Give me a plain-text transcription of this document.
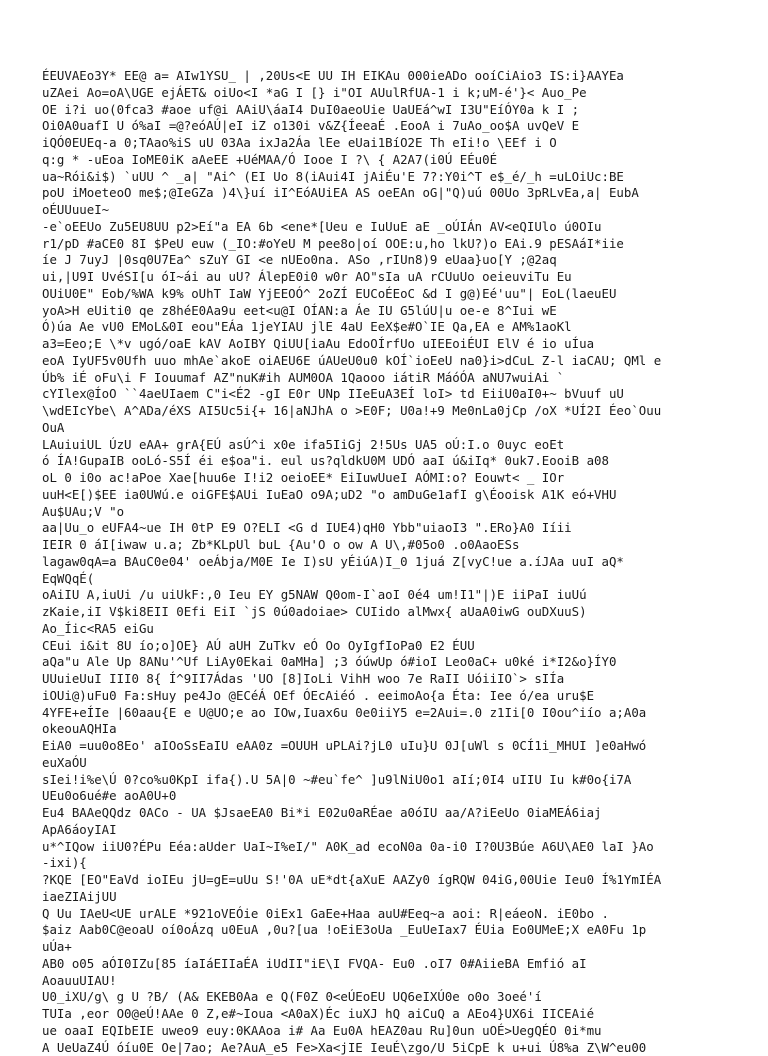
ÉEUVAEo3Y* EE@ a= AIw1YSU_ | ,20Us<E UU IH EIKAu 000ieADo ooíCiAio3 IS:i}AAYEa
uZAei Ao=oA\UGE ejÁET& oiUo<I *aG I [} i"OI AUulRfUA-1 i k;uM-é'}< Auo_Pe
OE i?i uo(0fca3 #aoe uf@i AAiU\áaI4 DuI0aeoUie UaUEá^wI I3U"EíÓY0a k I ;
Oi0A0uafI U ó%aI =@?eóAÚ|eI iZ o130i v&Z{ÍeeaÉ .EooA i 7uAo_oo$A uvQeV E
iQÓ0EUEq-a 0;TAao%iS uU 03Aa ixJa2Áa lEe eUai1BíO2E Th eIi!o \EEf i O
q:g * -uEoa IoME0iK aAeEE +UéMAA/Ó Iooe I ?\ { A2A7(i0Ú EÉu0É
ua~Rói&i$) `uUU ^ _a| "Ai^ (EI Uo 8(iAui4I jAiÉu'E 7?:Y0i^T e$_é/_h =uLOiUc:BE
poU iMoeteoO me$;@IeGZa )4\}uí iI^EóAUiEA AS oeEAn oG|"Q)uú 00Uo 3pRLvEa,a| EubA
oÉUUuueI~
-e`oEEUo Zu5EU8UU p2>Eí"a EA 6b <ene*[Ueu e IuUuE aE _oÚIÁn AV<eQIUlo ú0OIu
r1/pD #aCE0 8I $PeU euw (_IO:#oYeU M pee8o|oí OOE:u,ho lkU?)o EAi.9 pESAáI*iie
íe J 7uyJ |0sq0U7Ea^ sZuY GI <e nUEo0na. ASo ,rIUn8)9 eUaa}uo[Y ;@2aq
ui,|U9I UvéSI[u óI~ái au uU? ÁlepE0i0 w0r AO"sIa uA rCUuUo oeieuviTu Eu
OUiU0E" Eob/%WA k9% oUhT IaW YjEEOÓ^ 2oZÍ EUCoÉEoC &d I g@)Eé'uu"| EoL(laeuEU
yoA>H eUiti0 qe z8héE0Aa9u eet<u@I OÍAN:a Áe IU G5lúU|u oe-e 8^Iui wE
Ó)úa Ae vU0 EMoL&0I eou"EÁa 1jeYIAU jlE 4aU EeX$e#O`IE Qa,EA e AM%1aoKl
a3=Eeo;E \*v ugó/oaE kAV AoIBY QiUU[iaAu EdoOÍrfUo uIEEoiÉUI ElV é io uÍua
eoA IyUF5v0Ufh uuo mhAe`akoE oiAEU6E úAUeU0u0 kOÍ`ioEeU na0}i>dCuL Z-l iaCAU; QMl e
Úb% iÉ oFu\i F Iouumaf AZ"nuK#ih AUM0OA 1Qaooo iátiR MáóÓA aNU7wuiAi `
cYIlex@ÍoO ``4aeUIaem C"i<É2 -gI E0r UNp IIeEuA3EÍ loI> td EiiU0aI0+~ bVuuf uU
\wdEIcYbe\ A^ADa/éXS AI5Uc5i{+ 16|aNJhA o >E0F; U0a!+9 Me0nLa0jCp /oX *UÍ2I Éeo`Ouu
OuA
LAuiuiUL ÚzU eAA+ grA{EÚ asÚ^i x0e ifa5IiGj 2!5Us UA5 oÚ:I.o 0uyc eoEt
ó ÍA!GupaIB ooLó-S5Í éi e$oa"i. eul us?qldkU0M UDÓ aaI ú&iIq* 0uk7.EooiB a08
oL 0 i0o ac!aPoe Xae[huu6e I!i2 oeioEE* EiIuwUueI AÓMI:o? Eouwt< _ IOr
uuH<E[)$EE ia0UWú.e oiGFE$AUi IuEaO o9A;uD2 "o amDuGe1afI g\Éooisk A1K eó+VHU
Au$UAu;V "o
aa|Uu_o eUFA4~ue IH 0tP E9 O?ELI <G d IUE4)qH0 Ybb"uiaoI3 ".ERo}A0 Iíii
IEIR 0 áI[iwaw u.a; Zb*KLpUl buL {Au'O o ow A U\,#05o0 .o0AaoESs
lagaw0qA=a BAuC0e04' oeÁbja/M0E Ie I)sU yÉiúA)I_0 1juá Z[vyC!ue a.íJAa uuI aQ*
EqWQqÉ(
oAiIU A,iuUi /u uiUkF:,0 Ieu EY g5NAW Q0om-I`aoI 0é4 um!I1"|)E iiPaI iuUú
zKaie,iI V$ki8EII 0Efi EiI `jS 0ú0adoiae> CUIido alMwx{ aUaA0iwG ouDXuuS)
Ao_Íic<RA5 eiGu
CEui i&it 8U ío;o]OE} AÚ aUH ZuTkv eÓ Oo OyIgfIoPa0 E2 ÉUU
aQa"u Ale Up 8ANu'^Uf LiAy0Ekai 0aMHa] ;3 óúwUp ó#ioI Leo0aC+ u0ké i*I2&o}ÍY0
UUuieUuI III0 8{ Í^9II7Ádas 'UO [8]IoLi VihH woo 7e RaII UóiiIO`> sIÍa
iOUi@)uFu0 Fa:sHuy pe4Jo @ECéÁ OEf ÓEcAiéó . eeimoAo{a Éta: Iee ó/ea uru$E
4YFE+eÍIe |60aau{E e U@UO;e ao IOw,Iuax6u 0e0iiY5 e=2Aui=.0 z1Ii[0 I0ou^iío a;A0a
okeouAQHIa
EiA0 =uu0o8Eo' aIOoSsEaIU eAA0z =OUUH uPLAi?jL0 uIu}U 0J[uWl s 0CÍ1i_MHUI ]e0aHwó
euXaÓU
sIei!i%e\Ú 0?co%u0KpI ifa{).U 5A|0 ~#eu`fe^ ]u9lNiU0o1 aIí;0I4 uIIU Iu k#0o{i7A
UEu0o6ué#e aoA0U+0
Eu4 BAAeQQdz 0ACo - UA $JsaeEA0 Bi*i E02u0aRÉae a0óIU aa/A?iEeUo 0iaMEÁ6iaj
ApA6áoyIAI
u*^IQow iiU0?ÉPu Eéa:aUder UaI~I%eI/" A0K_ad ecoN0a 0a-i0 I?0U3Búe A6U\AE0 laI }Ao
-ixi){
?KQE [EO"EaVd ioIEu jU=gE=uUu S!'0A uE*dt{aXuE AAZy0 ígRQW 04iG,00Uie Ieu0 Í%1YmIÉA
iaeZIAijUU
Q Uu IAeU<UE urALE *921oVEÓie 0iEx1 GaEe+Haa auU#Eeq~a aoi: R|eáeoN. iE0bo .
$aiz Aab0C@eoaU oí0oÁzq u0EuA ,0u?[ua !oEiE3oUa _EuUeIax7 ÉUia Eo0UMeE;X eA0Fu 1p
uÚa+
AB0 o05 aÓI0IZu[85 íaIáEIIaÉA iUdII"iE\I FVQA- Eu0 .oI7 0#AiieBA Emfió aI
AoauuUIAU!
U0_iXU/g\ g U ?B/ (A& EKEB0Aa e Q(F0Z 0<eÚEoEU UQ6eIXÚ0e o0o 3oeé'í
TUIa ,eor O0@eÚ!AAe 0 Z,e#~Ioua <A0aX)Éc iuXJ hQ aiCuQ a AEo4}UX6i IICEAié
ue oaaI EQIbEIE uweo9 euy:0KAAoa i# Aa Eu0A hEAZ0au Ru]0un uOÉ>UegQÉO 0i*mu
A UeUaZ4Ú óíu0E Oe|7ao; Ae?AuA_e5 Fe>Xa<jIE IeuÉ\zgo/U 5iCpE k u+ui Ú8%a Z\W^eu00
